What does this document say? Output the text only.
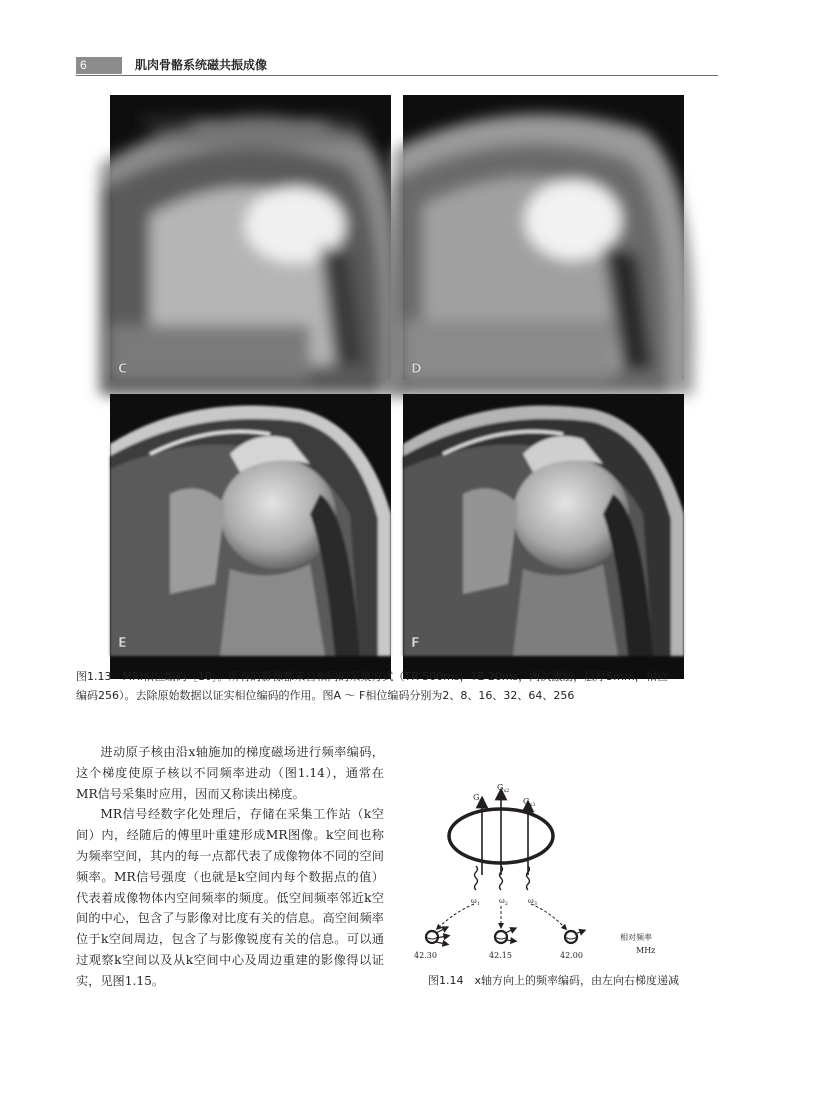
6	肌肉骨骼系统磁共振成像
C	D
E	F
图1.13　MRI相位编码［10］。所有的影像都来自相同的采集方式（TR 500ms，TE 20ms，两次激励，层厚5mm，相位
编码256）。去除原始数据以证实相位编码的作用。图A ～ F相位编码分别为2、8、16、32、64、256

进动原子核由沿x轴施加的梯度磁场进行频率编码，这个梯度使原子核以不同频率进动（图1.14），通常在MR信号采集时应用，因而又称读出梯度。

MR信号经数字化处理后，存储在采集工作站（k空间）内，经随后的傅里叶重建形成MR图像。k空间也称为频率空间，其内的每一点都代表了成像物体不同的空间频率。MR信号强度（也就是k空间内每个数据点的值）代表着成像物体内空间频率的频度。低空间频率邻近k空间的中心，包含了与影像对比度有关的信息。高空间频率位于k空间周边，包含了与影像锐度有关的信息。可以通过观察k空间以及从k空间中心及周边重建的影像得以证实，见图1.15。

$G_{x1}$
$G_{x2}$
$G_{x3}$
$\omega_1$	$\omega_2$	$\omega_3$
42.30	42.15	42.00
相对频率
MHz
图1.14　x轴方向上的频率编码，由左向右梯度递减
